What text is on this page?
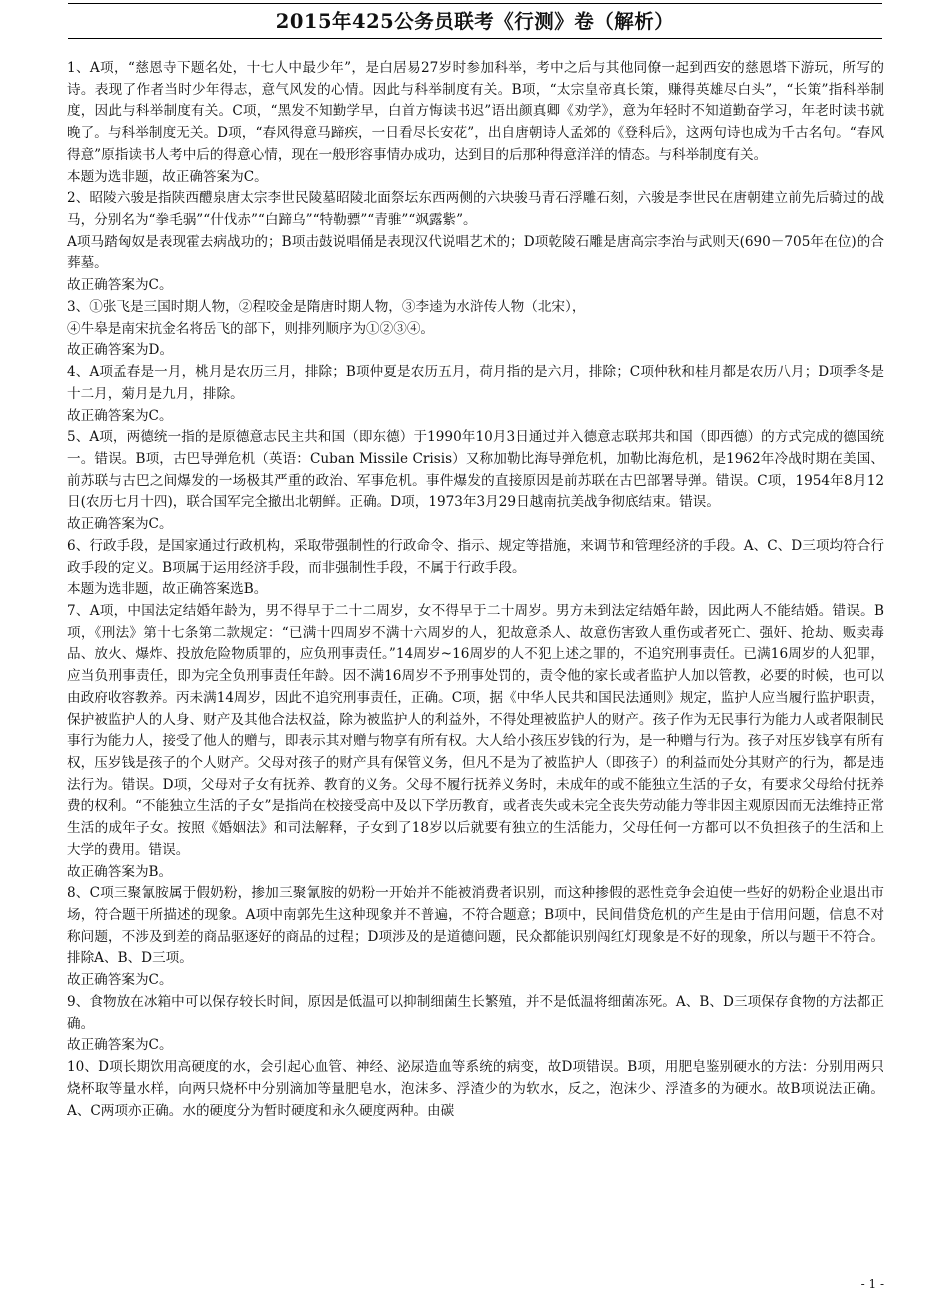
2015年425公务员联考《行测》卷（解析）

1、A项，“慈恩寺下题名处，十七人中最少年”，是白居易27岁时参加科举，考中之后与其他同僚一起到西安的慈恩塔下游玩，所写的诗。表现了作者当时少年得志，意气风发的心情。因此与科举制度有关。B项，“太宗皇帝真长策，赚得英雄尽白头”，“长策”指科举制度，因此与科举制度有关。C项，“黑发不知勤学早，白首方悔读书迟”语出颜真卿《劝学》，意为年轻时不知道勤奋学习，年老时读书就晚了。与科举制度无关。D项，“春风得意马蹄疾，一日看尽长安花”，出自唐朝诗人孟郊的《登科后》，这两句诗也成为千古名句。“春风得意”原指读书人考中后的得意心情，现在一般形容事情办成功，达到目的后那种得意洋洋的情态。与科举制度有关。

本题为选非题，故正确答案为C。

2、昭陵六骏是指陕西醴泉唐太宗李世民陵墓昭陵北面祭坛东西两侧的六块骏马青石浮雕石刻，六骏是李世民在唐朝建立前先后骑过的战马，分别名为“拳毛䯄”“什伐赤”“白蹄乌”“特勒骠”“青骓”“飒露紫”。

A项马踏匈奴是表现霍去病战功的；B项击鼓说唱俑是表现汉代说唱艺术的；D项乾陵石雕是唐高宗李治与武则天(690－705年在位)的合葬墓。

故正确答案为C。

3、①张飞是三国时期人物，②程咬金是隋唐时期人物，③李逵为水浒传人物（北宋），

④牛皋是南宋抗金名将岳飞的部下，则排列顺序为①②③④。

故正确答案为D。

4、A项孟春是一月，桃月是农历三月，排除；B项仲夏是农历五月，荷月指的是六月，排除；C项仲秋和桂月都是农历八月；D项季冬是十二月，菊月是九月，排除。

故正确答案为C。

5、A项，两德统一指的是原德意志民主共和国（即东德）于1990年10月3日通过并入德意志联邦共和国（即西德）的方式完成的德国统一。错误。B项，古巴导弹危机（英语：Cuban Missile Crisis）又称加勒比海导弹危机，加勒比海危机，是1962年冷战时期在美国、前苏联与古巴之间爆发的一场极其严重的政治、军事危机。事件爆发的直接原因是前苏联在古巴部署导弹。错误。C项，1954年8月12日(农历七月十四)，联合国军完全撤出北朝鲜。正确。D项，1973年3月29日越南抗美战争彻底结束。错误。

故正确答案为C。

6、行政手段，是国家通过行政机构，采取带强制性的行政命令、指示、规定等措施，来调节和管理经济的手段。A、C、D三项均符合行政手段的定义。B项属于运用经济手段，而非强制性手段，不属于行政手段。

本题为选非题，故正确答案选B。

7、A项，中国法定结婚年龄为，男不得早于二十二周岁，女不得早于二十周岁。男方未到法定结婚年龄，因此两人不能结婚。错误。B项，《刑法》第十七条第二款规定：“已满十四周岁不满十六周岁的人，犯故意杀人、故意伤害致人重伤或者死亡、强奸、抢劫、贩卖毒品、放火、爆炸、投放危险物质罪的，应负刑事责任。”14周岁~16周岁的人不犯上述之罪的，不追究刑事责任。已满16周岁的人犯罪，应当负刑事责任，即为完全负刑事责任年龄。因不满16周岁不予刑事处罚的，责令他的家长或者监护人加以管教，必要的时候，也可以由政府收容教养。丙未满14周岁，因此不追究刑事责任，正确。C项，据《中华人民共和国民法通则》规定，监护人应当履行监护职责，保护被监护人的人身、财产及其他合法权益，除为被监护人的利益外，不得处理被监护人的财产。孩子作为无民事行为能力人或者限制民事行为能力人，接受了他人的赠与，即表示其对赠与物享有所有权。大人给小孩压岁钱的行为，是一种赠与行为。孩子对压岁钱享有所有权，压岁钱是孩子的个人财产。父母对孩子的财产具有保管义务，但凡不是为了被监护人（即孩子）的利益而处分其财产的行为，都是违法行为。错误。D项，父母对子女有抚养、教育的义务。父母不履行抚养义务时，未成年的或不能独立生活的子女，有要求父母给付抚养费的权利。“不能独立生活的子女”是指尚在校接受高中及以下学历教育，或者丧失或未完全丧失劳动能力等非因主观原因而无法维持正常生活的成年子女。按照《婚姻法》和司法解释，子女到了18岁以后就要有独立的生活能力，父母任何一方都可以不负担孩子的生活和上大学的费用。错误。

故正确答案为B。

8、C项三聚氰胺属于假奶粉，掺加三聚氰胺的奶粉一开始并不能被消费者识别，而这种掺假的恶性竞争会迫使一些好的奶粉企业退出市场，符合题干所描述的现象。A项中南郭先生这种现象并不普遍，不符合题意；B项中，民间借贷危机的产生是由于信用问题，信息不对称问题，不涉及到差的商品驱逐好的商品的过程；D项涉及的是道德问题，民众都能识别闯红灯现象是不好的现象，所以与题干不符合。排除A、B、D三项。

故正确答案为C。

9、食物放在冰箱中可以保存较长时间，原因是低温可以抑制细菌生长繁殖，并不是低温将细菌冻死。A、B、D三项保存食物的方法都正确。

故正确答案为C。

10、D项长期饮用高硬度的水，会引起心血管、神经、泌尿造血等系统的病变，故D项错误。B项，用肥皂鉴别硬水的方法：分别用两只烧杯取等量水样，向两只烧杯中分别滴加等量肥皂水，泡沫多、浮渣少的为软水，反之，泡沫少、浮渣多的为硬水。故B项说法正确。A、C两项亦正确。水的硬度分为暂时硬度和永久硬度两种。由碳

- 1 -
